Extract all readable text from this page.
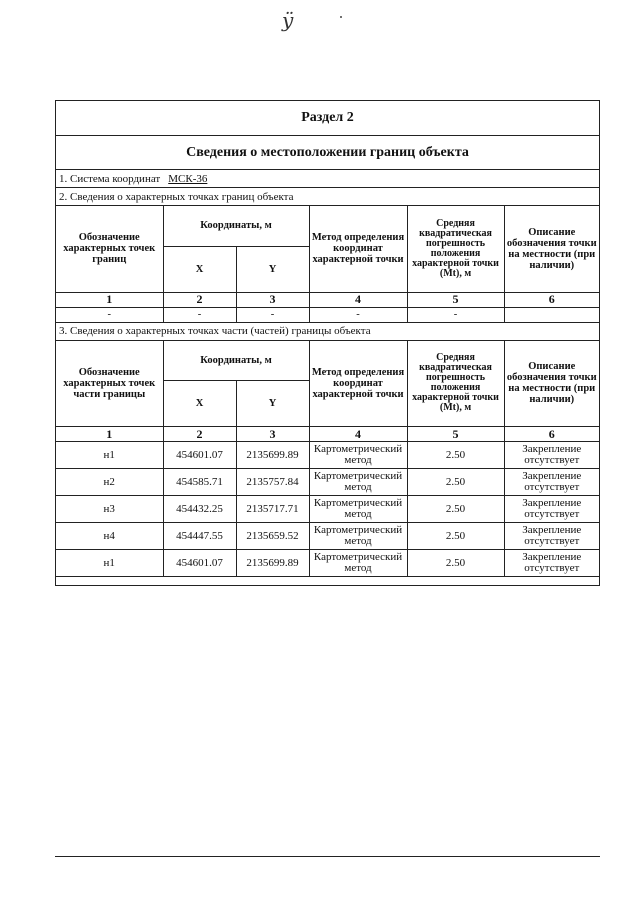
ӱ
Раздел 2
Сведения о местоположении границ объекта
1. Система координат МСК-36
2. Сведения о характерных точках границ объекта
Обозначение характерных точек границ	Координаты, м		Метод определения координат характерной точки	Средняя квадратическая погрешность положения характерной точки (Mt), м	Описание обозначения точки на местности (при наличии)
	X	Y			
1	2	3	4	5	6
-	-	-	-	-	
3. Сведения о характерных точках части (частей) границы объекта
Обозначение характерных точек части границы	Координаты, м		Метод определения координат характерной точки	Средняя квадратическая погрешность положения характерной точки (Mt), м	Описание обозначения точки на местности (при наличии)
	X	Y			
1	2	3	4	5	6
н1	454601.07	2135699.89	Картометрический метод	2.50	Закрепление отсутствует
н2	454585.71	2135757.84	Картометрический метод	2.50	Закрепление отсутствует
н3	454432.25	2135717.71	Картометрический метод	2.50	Закрепление отсутствует
н4	454447.55	2135659.52	Картометрический метод	2.50	Закрепление отсутствует
н1	454601.07	2135699.89	Картометрический метод	2.50	Закрепление отсутствует
